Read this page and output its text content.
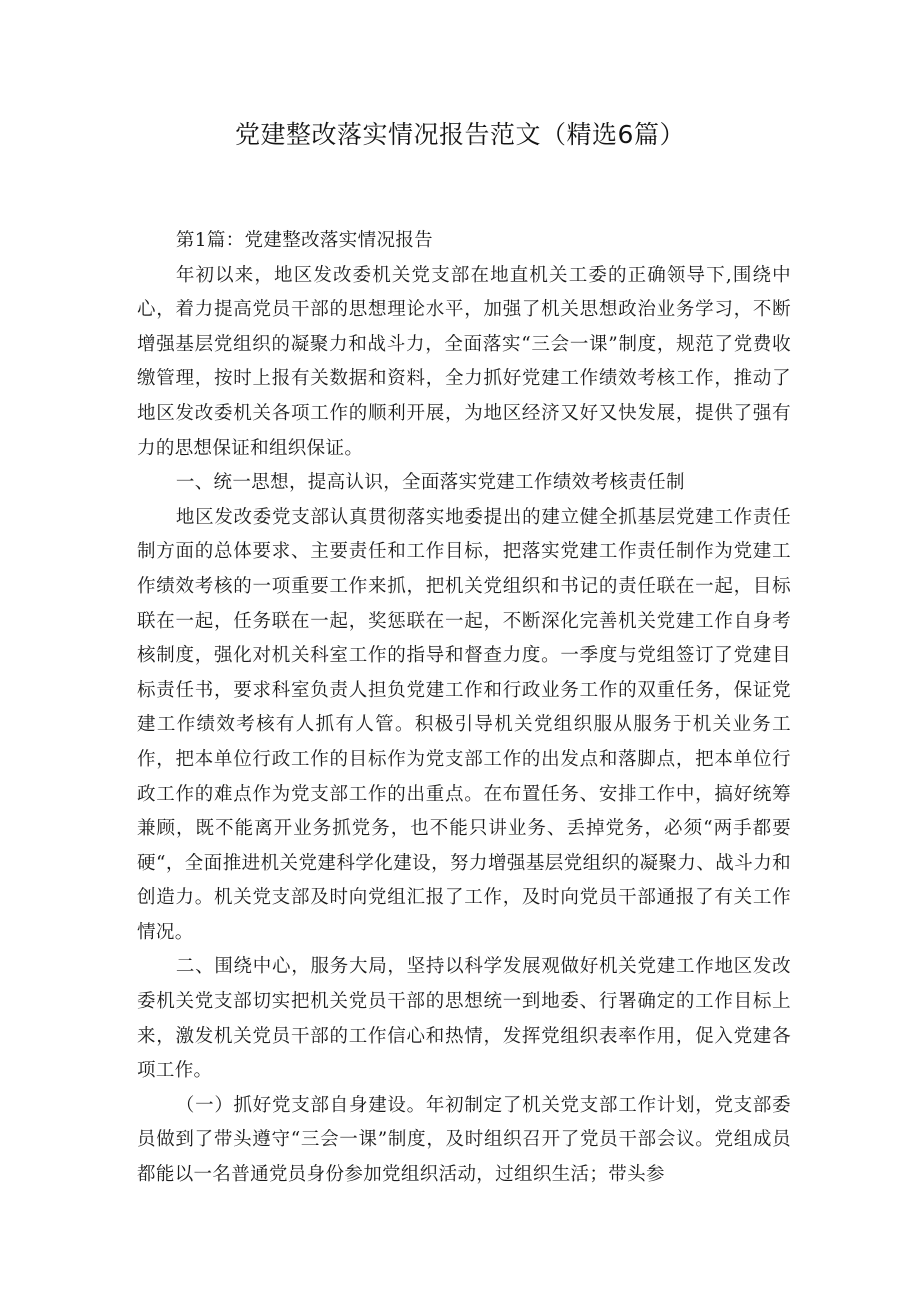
党建整改落实情况报告范文（精选6篇）

第1篇：党建整改落实情况报告

年初以来，地区发改委机关党支部在地直机关工委的正确领导下,围绕中心，着力提高党员干部的思想理论水平，加强了机关思想政治业务学习，不断增强基层党组织的凝聚力和战斗力，全面落实“三会一课”制度，规范了党费收缴管理，按时上报有关数据和资料，全力抓好党建工作绩效考核工作，推动了地区发改委机关各项工作的顺利开展，为地区经济又好又快发展，提供了强有力的思想保证和组织保证。

一、统一思想，提高认识，全面落实党建工作绩效考核责任制

地区发改委党支部认真贯彻落实地委提出的建立健全抓基层党建工作责任制方面的总体要求、主要责任和工作目标，把落实党建工作责任制作为党建工作绩效考核的一项重要工作来抓，把机关党组织和书记的责任联在一起，目标联在一起，任务联在一起，奖惩联在一起，不断深化完善机关党建工作自身考核制度，强化对机关科室工作的指导和督查力度。一季度与党组签订了党建目标责任书，要求科室负责人担负党建工作和行政业务工作的双重任务，保证党建工作绩效考核有人抓有人管。积极引导机关党组织服从服务于机关业务工作，把本单位行政工作的目标作为党支部工作的出发点和落脚点，把本单位行政工作的难点作为党支部工作的出重点。在布置任务、安排工作中，搞好统筹兼顾，既不能离开业务抓党务，也不能只讲业务、丢掉党务，必须“两手都要硬“，全面推进机关党建科学化建设，努力增强基层党组织的凝聚力、战斗力和创造力。机关党支部及时向党组汇报了工作，及时向党员干部通报了有关工作情况。

二、围绕中心，服务大局，坚持以科学发展观做好机关党建工作地区发改委机关党支部切实把机关党员干部的思想统一到地委、行署确定的工作目标上来，激发机关党员干部的工作信心和热情，发挥党组织表率作用，促入党建各项工作。

（一）抓好党支部自身建设。年初制定了机关党支部工作计划，党支部委员做到了带头遵守“三会一课”制度，及时组织召开了党员干部会议。党组成员都能以一名普通党员身份参加党组织活动，过组织生活；带头参
